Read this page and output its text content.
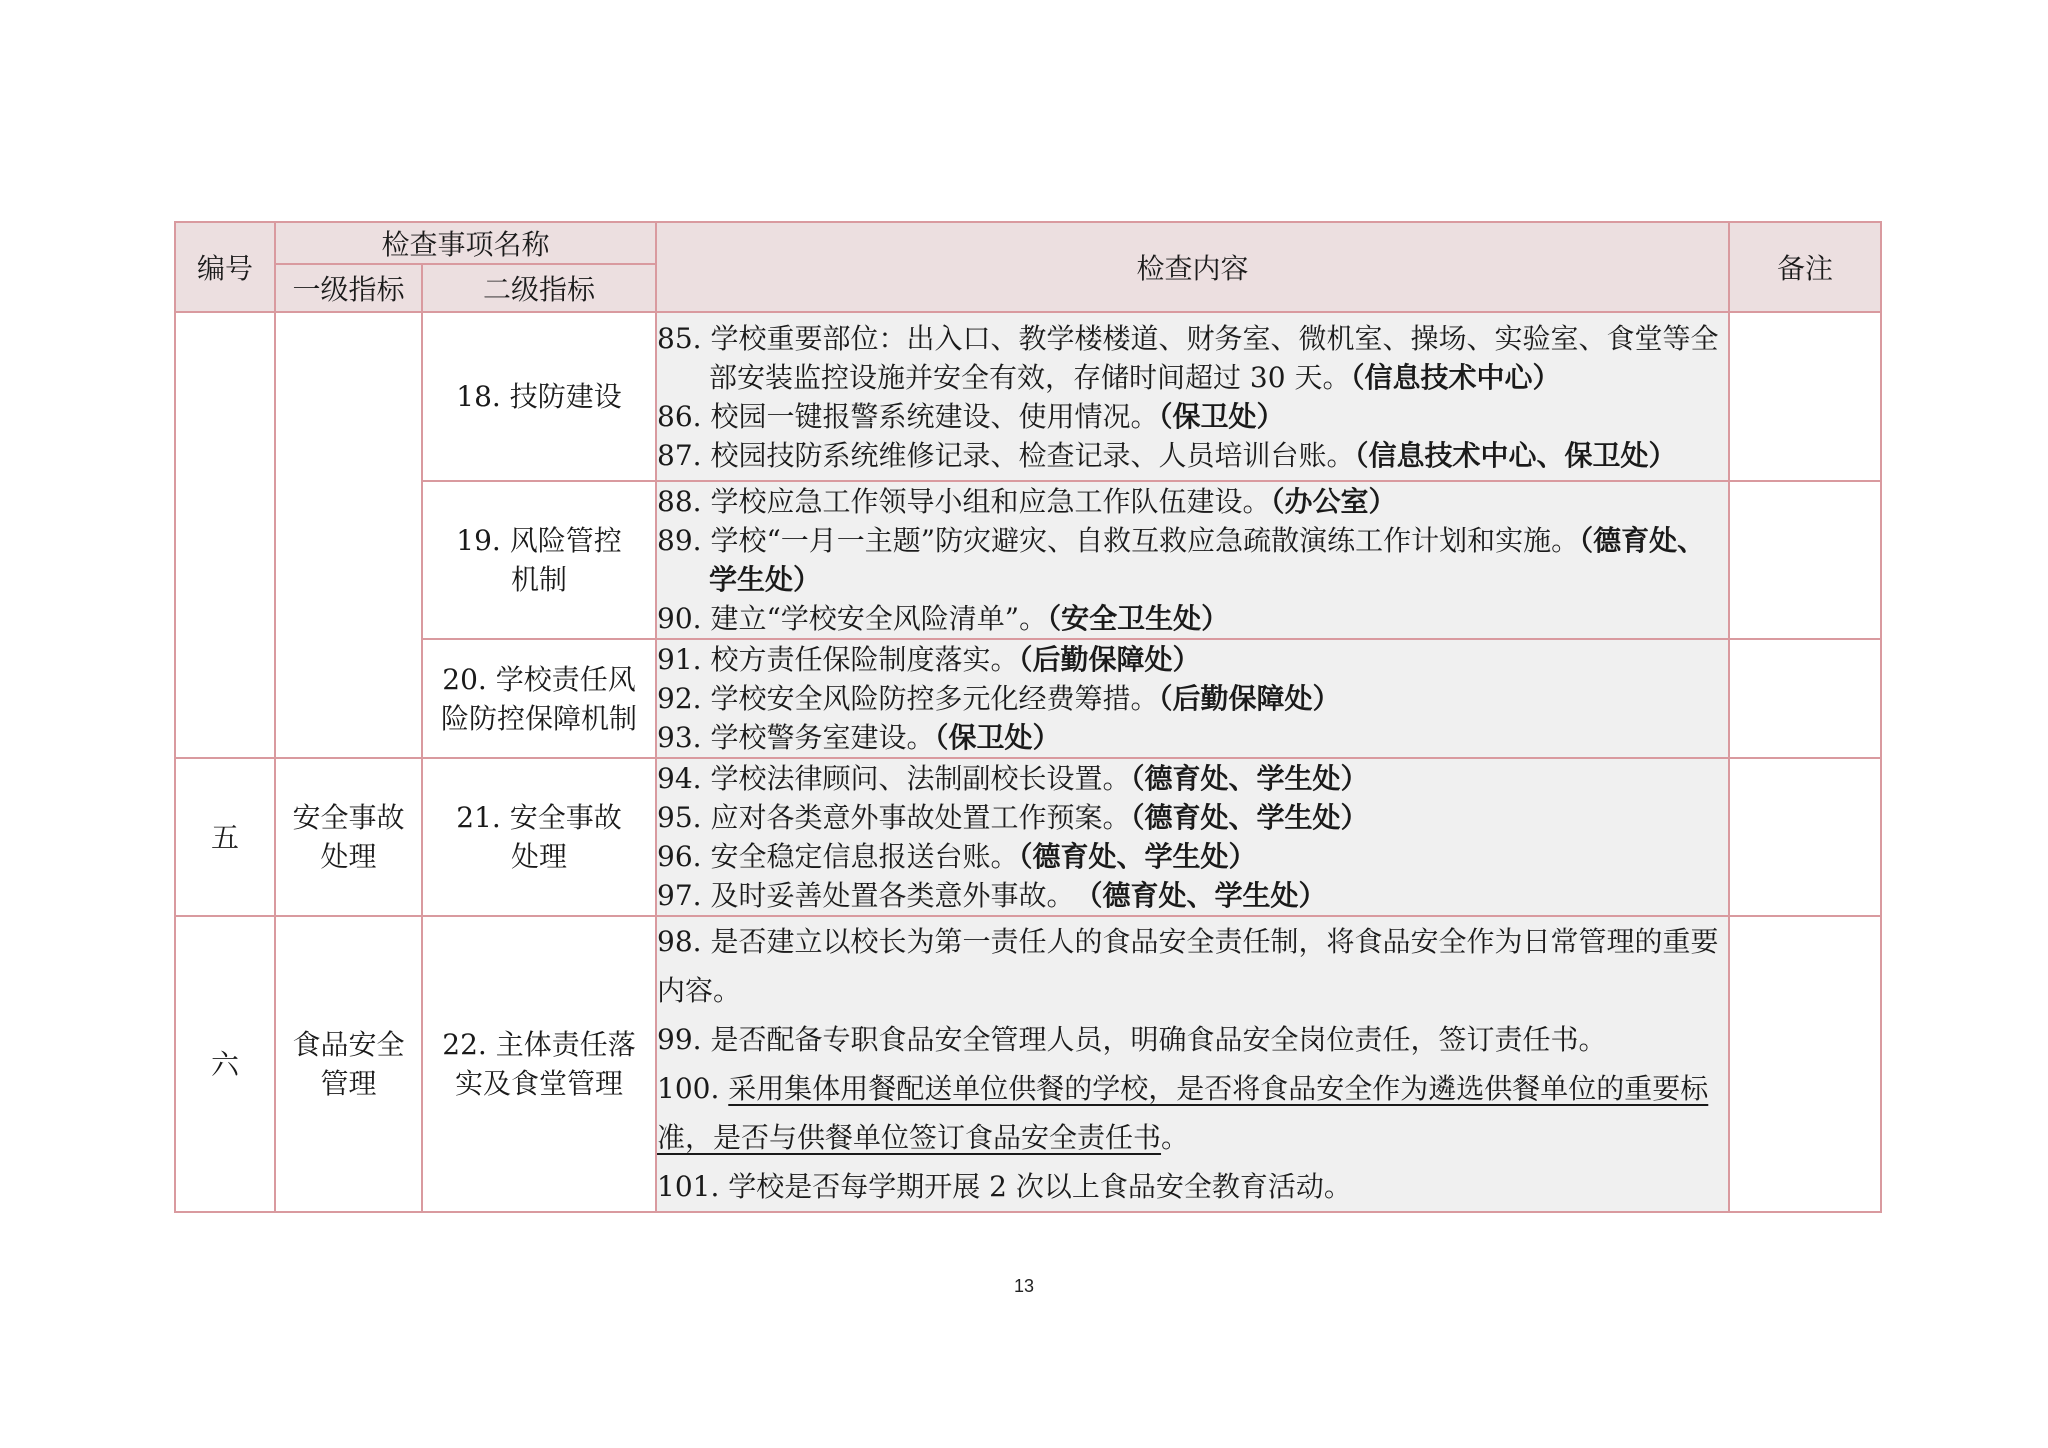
编号	检查事项名称		检查内容	备注
	一级指标	二级指标		
		18. 技防建设	85. 学校重要部位：出入口、教学楼楼道、财务室、微机室、操场、实验室、食堂等全部安装监控设施并安全有效，存储时间超过 30 天。（信息技术中心）
86. 校园一键报警系统建设、使用情况。（保卫处）
87. 校园技防系统维修记录、检查记录、人员培训台账。（信息技术中心、保卫处）	

		19. 风险管控机制	88. 学校应急工作领导小组和应急工作队伍建设。（办公室）
89. 学校“一月一主题”防灾避灾、自救互救应急疏散演练工作计划和实施。（德育处、学生处）
90. 建立“学校安全风险清单”。（安全卫生处）	

		20. 学校责任风险防控保障机制	91. 校方责任保险制度落实。（后勤保障处）
92. 学校安全风险防控多元化经费筹措。（后勤保障处）
93. 学校警务室建设。（保卫处）	

五	安全事故处理	21. 安全事故处理	94. 学校法律顾问、法制副校长设置。（德育处、学生处）
95. 应对各类意外事故处置工作预案。（德育处、学生处）
96. 安全稳定信息报送台账。（德育处、学生处）
97. 及时妥善处置各类意外事故。　（德育处、学生处）	

六	食品安全管理	22. 主体责任落实及食堂管理	98. 是否建立以校长为第一责任人的食品安全责任制，将食品安全作为日常管理的重要内容。
99. 是否配备专职食品安全管理人员，明确食品安全岗位责任，签订责任书。
100. 采用集体用餐配送单位供餐的学校，是否将食品安全作为遴选供餐单位的重要标准，是否与供餐单位签订食品安全责任书。
101. 学校是否每学期开展 2 次以上食品安全教育活动。	

13
